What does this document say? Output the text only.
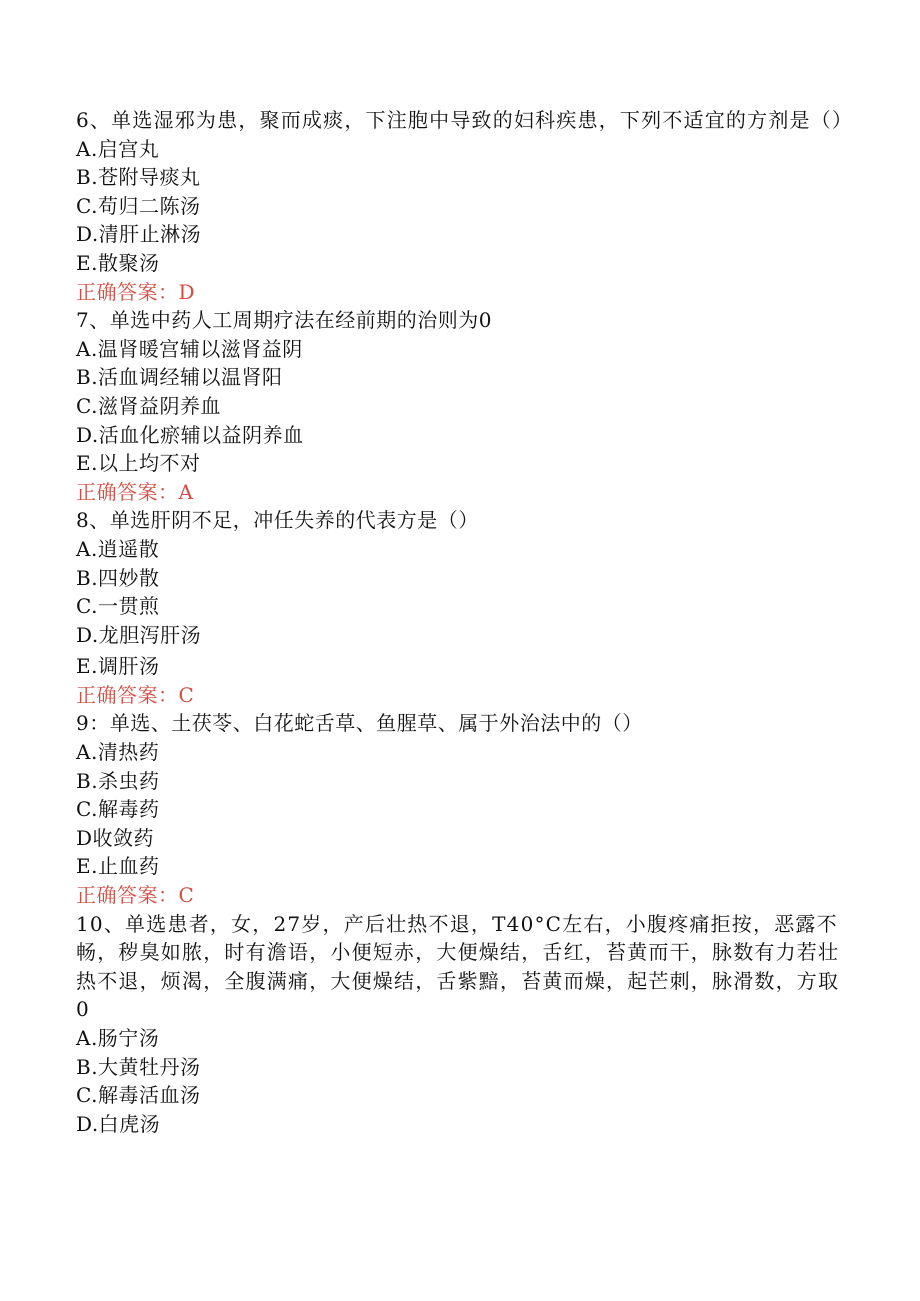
6、单选湿邪为患，聚而成痰，下注胞中导致的妇科疾患，下列不适宜的方剂是（）
A.启宫丸
B.苍附导痰丸
C.苟归二陈汤
D.清肝止淋汤
E.散聚汤
正确答案：D
7、单选中药人工周期疗法在经前期的治则为0
A.温肾暖宫辅以滋肾益阴
B.活血调经辅以温肾阳
C.滋肾益阴养血
D.活血化瘀辅以益阴养血
E.以上均不对
正确答案：A
8、单选肝阴不足，冲任失养的代表方是（）
A.逍遥散
B.四妙散
C.一贯煎
D.龙胆泻肝汤
E.调肝汤
正确答案：C
9：单选、土茯苓、白花蛇舌草、鱼腥草、属于外治法中的（）
A.清热药
B.杀虫药
C.解毒药
D收敛药
E.止血药
正确答案：C
10、单选患者，女，27岁，产后壮热不退，T40°C左右，小腹疼痛拒按，恶露不畅，秽臭如脓，时有澹语，小便短赤，大便燥结，舌红，苔黄而干，脉数有力若壮热不退，烦渴，全腹满痛，大便燥结，舌紫黯，苔黄而燥，起芒刺，脉滑数，方取0
A.肠宁汤
B.大黄牡丹汤
C.解毒活血汤
D.白虎汤
